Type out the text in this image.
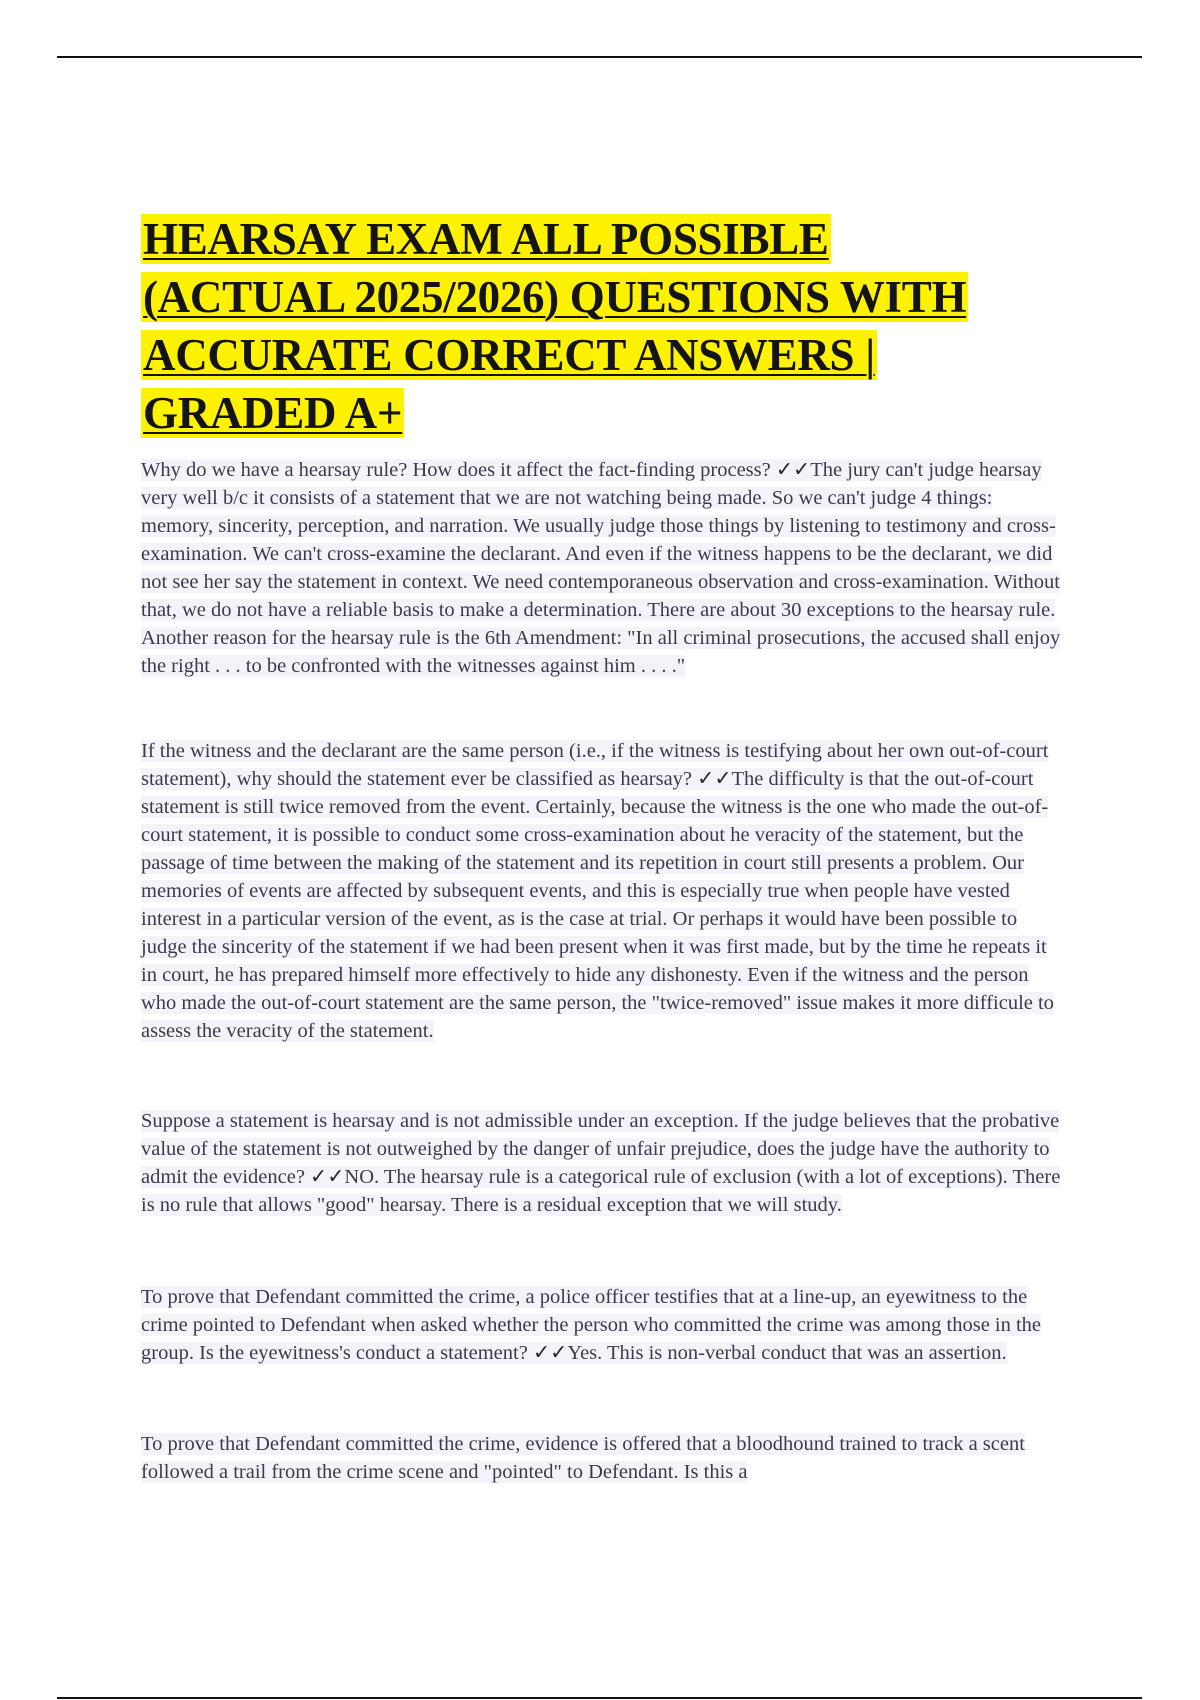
HEARSAY EXAM ALL POSSIBLE (ACTUAL 2025/2026) QUESTIONS WITH ACCURATE CORRECT ANSWERS | GRADED A+

Why do we have a hearsay rule? How does it affect the fact-finding process? ✓✓The jury can't judge hearsay very well b/c it consists of a statement that we are not watching being made. So we can't judge 4 things: memory, sincerity, perception, and narration. We usually judge those things by listening to testimony and cross-examination. We can't cross-examine the declarant. And even if the witness happens to be the declarant, we did not see her say the statement in context. We need contemporaneous observation and cross-examination. Without that, we do not have a reliable basis to make a determination. There are about 30 exceptions to the hearsay rule. Another reason for the hearsay rule is the 6th Amendment: "In all criminal prosecutions, the accused shall enjoy the right . . . to be confronted with the witnesses against him . . . ."

If the witness and the declarant are the same person (i.e., if the witness is testifying about her own out-of-court statement), why should the statement ever be classified as hearsay? ✓✓The difficulty is that the out-of-court statement is still twice removed from the event. Certainly, because the witness is the one who made the out-of-court statement, it is possible to conduct some cross-examination about he veracity of the statement, but the passage of time between the making of the statement and its repetition in court still presents a problem. Our memories of events are affected by subsequent events, and this is especially true when people have vested interest in a particular version of the event, as is the case at trial. Or perhaps it would have been possible to judge the sincerity of the statement if we had been present when it was first made, but by the time he repeats it in court, he has prepared himself more effectively to hide any dishonesty. Even if the witness and the person who made the out-of-court statement are the same person, the "twice-removed" issue makes it more difficule to assess the veracity of the statement.

Suppose a statement is hearsay and is not admissible under an exception. If the judge believes that the probative value of the statement is not outweighed by the danger of unfair prejudice, does the judge have the authority to admit the evidence? ✓✓NO. The hearsay rule is a categorical rule of exclusion (with a lot of exceptions). There is no rule that allows "good" hearsay. There is a residual exception that we will study.

To prove that Defendant committed the crime, a police officer testifies that at a line-up, an eyewitness to the crime pointed to Defendant when asked whether the person who committed the crime was among those in the group. Is the eyewitness's conduct a statement? ✓✓Yes. This is non-verbal conduct that was an assertion.

To prove that Defendant committed the crime, evidence is offered that a bloodhound trained to track a scent followed a trail from the crime scene and "pointed" to Defendant. Is this a
